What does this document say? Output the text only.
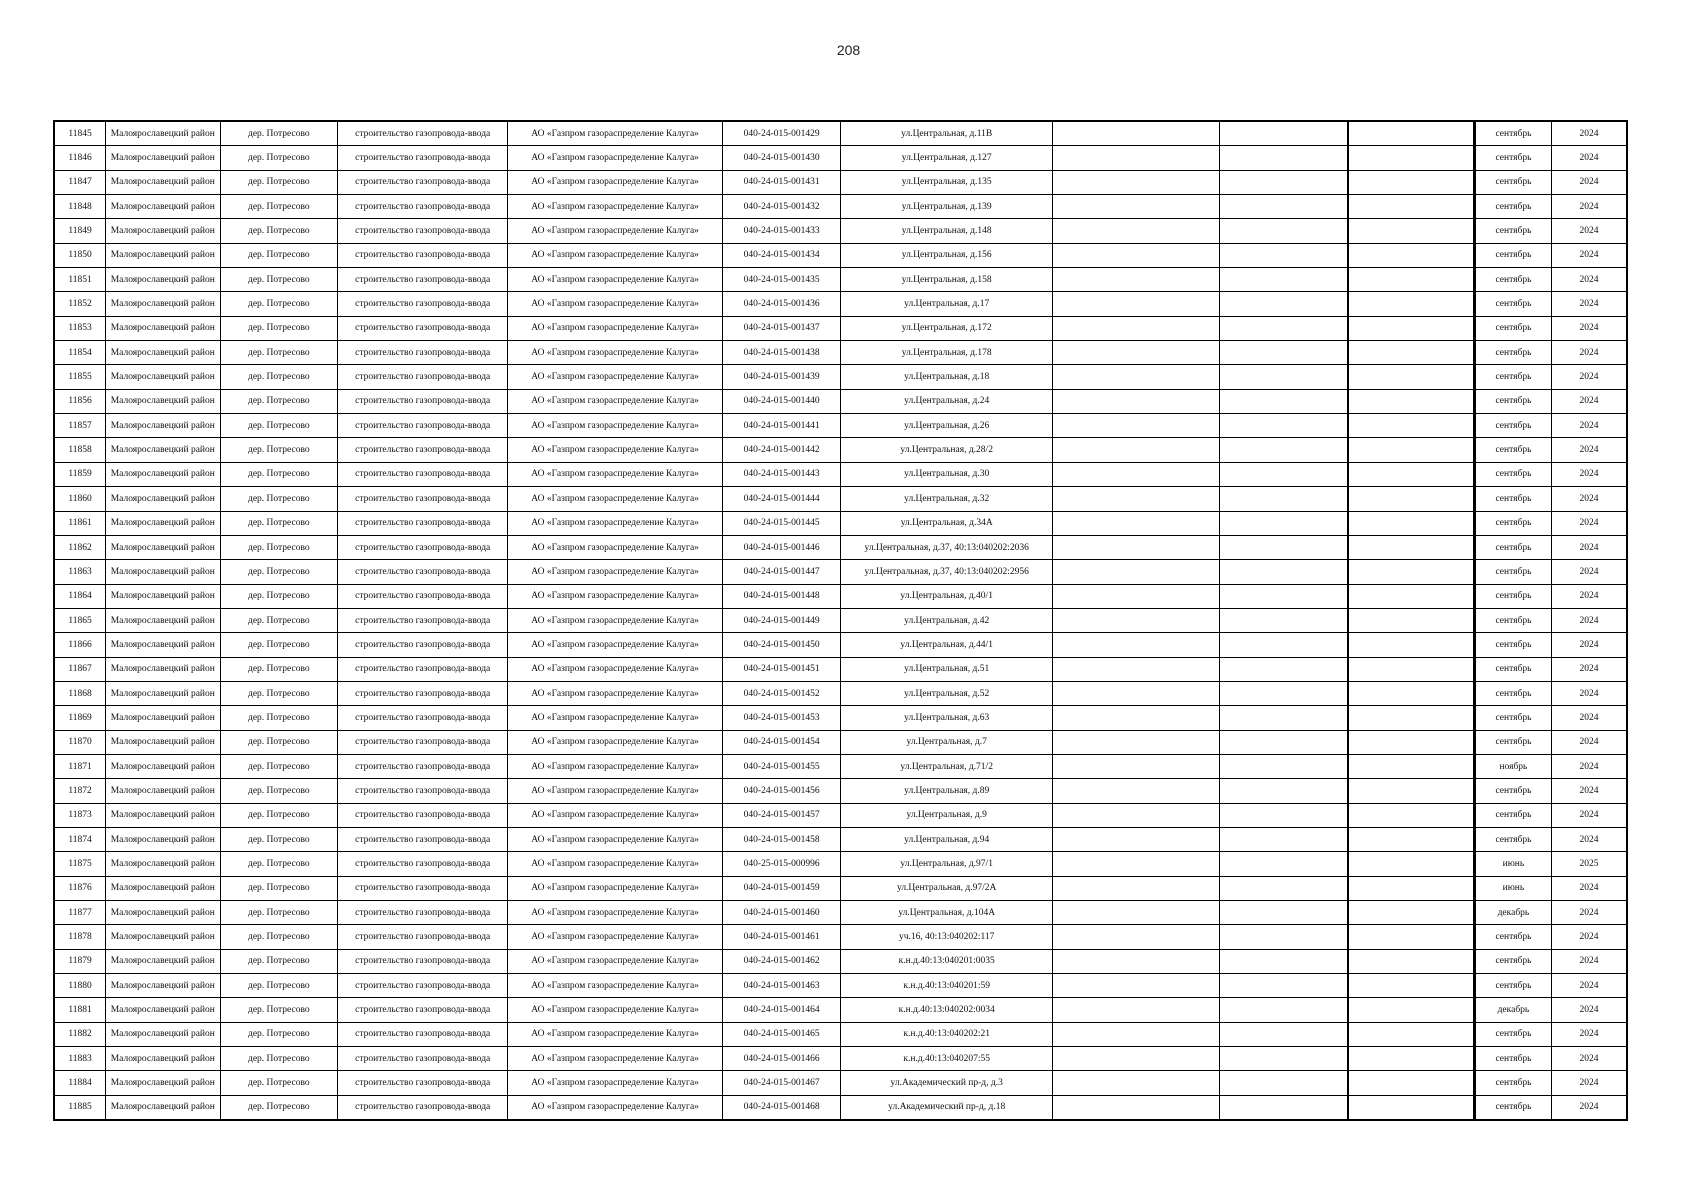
208
11845	Малоярославецкий район	дер. Потресово	строительство газопровода-ввода	АО «Газпром газораспределение Калуга»	040-24-015-001429	ул.Центральная, д.11В					сентябрь	2024
11846	Малоярославецкий район	дер. Потресово	строительство газопровода-ввода	АО «Газпром газораспределение Калуга»	040-24-015-001430	ул.Центральная, д.127					сентябрь	2024
11847	Малоярославецкий район	дер. Потресово	строительство газопровода-ввода	АО «Газпром газораспределение Калуга»	040-24-015-001431	ул.Центральная, д.135					сентябрь	2024
11848	Малоярославецкий район	дер. Потресово	строительство газопровода-ввода	АО «Газпром газораспределение Калуга»	040-24-015-001432	ул.Центральная, д.139					сентябрь	2024
11849	Малоярославецкий район	дер. Потресово	строительство газопровода-ввода	АО «Газпром газораспределение Калуга»	040-24-015-001433	ул.Центральная, д.148					сентябрь	2024
11850	Малоярославецкий район	дер. Потресово	строительство газопровода-ввода	АО «Газпром газораспределение Калуга»	040-24-015-001434	ул.Центральная, д.156					сентябрь	2024
11851	Малоярославецкий район	дер. Потресово	строительство газопровода-ввода	АО «Газпром газораспределение Калуга»	040-24-015-001435	ул.Центральная, д.158					сентябрь	2024
11852	Малоярославецкий район	дер. Потресово	строительство газопровода-ввода	АО «Газпром газораспределение Калуга»	040-24-015-001436	ул.Центральная, д.17					сентябрь	2024
11853	Малоярославецкий район	дер. Потресово	строительство газопровода-ввода	АО «Газпром газораспределение Калуга»	040-24-015-001437	ул.Центральная, д.172					сентябрь	2024
11854	Малоярославецкий район	дер. Потресово	строительство газопровода-ввода	АО «Газпром газораспределение Калуга»	040-24-015-001438	ул.Центральная, д.178					сентябрь	2024
11855	Малоярославецкий район	дер. Потресово	строительство газопровода-ввода	АО «Газпром газораспределение Калуга»	040-24-015-001439	ул.Центральная, д.18					сентябрь	2024
11856	Малоярославецкий район	дер. Потресово	строительство газопровода-ввода	АО «Газпром газораспределение Калуга»	040-24-015-001440	ул.Центральная, д.24					сентябрь	2024
11857	Малоярославецкий район	дер. Потресово	строительство газопровода-ввода	АО «Газпром газораспределение Калуга»	040-24-015-001441	ул.Центральная, д.26					сентябрь	2024
11858	Малоярославецкий район	дер. Потресово	строительство газопровода-ввода	АО «Газпром газораспределение Калуга»	040-24-015-001442	ул.Центральная, д.28/2					сентябрь	2024
11859	Малоярославецкий район	дер. Потресово	строительство газопровода-ввода	АО «Газпром газораспределение Калуга»	040-24-015-001443	ул.Центральная, д.30					сентябрь	2024
11860	Малоярославецкий район	дер. Потресово	строительство газопровода-ввода	АО «Газпром газораспределение Калуга»	040-24-015-001444	ул.Центральная, д.32					сентябрь	2024
11861	Малоярославецкий район	дер. Потресово	строительство газопровода-ввода	АО «Газпром газораспределение Калуга»	040-24-015-001445	ул.Центральная, д.34А					сентябрь	2024
11862	Малоярославецкий район	дер. Потресово	строительство газопровода-ввода	АО «Газпром газораспределение Калуга»	040-24-015-001446	ул.Центральная, д.37, 40:13:040202:2036					сентябрь	2024
11863	Малоярославецкий район	дер. Потресово	строительство газопровода-ввода	АО «Газпром газораспределение Калуга»	040-24-015-001447	ул.Центральная, д.37, 40:13:040202:2956					сентябрь	2024
11864	Малоярославецкий район	дер. Потресово	строительство газопровода-ввода	АО «Газпром газораспределение Калуга»	040-24-015-001448	ул.Центральная, д.40/1					сентябрь	2024
11865	Малоярославецкий район	дер. Потресово	строительство газопровода-ввода	АО «Газпром газораспределение Калуга»	040-24-015-001449	ул.Центральная, д.42					сентябрь	2024
11866	Малоярославецкий район	дер. Потресово	строительство газопровода-ввода	АО «Газпром газораспределение Калуга»	040-24-015-001450	ул.Центральная, д.44/1					сентябрь	2024
11867	Малоярославецкий район	дер. Потресово	строительство газопровода-ввода	АО «Газпром газораспределение Калуга»	040-24-015-001451	ул.Центральная, д.51					сентябрь	2024
11868	Малоярославецкий район	дер. Потресово	строительство газопровода-ввода	АО «Газпром газораспределение Калуга»	040-24-015-001452	ул.Центральная, д.52					сентябрь	2024
11869	Малоярославецкий район	дер. Потресово	строительство газопровода-ввода	АО «Газпром газораспределение Калуга»	040-24-015-001453	ул.Центральная, д.63					сентябрь	2024
11870	Малоярославецкий район	дер. Потресово	строительство газопровода-ввода	АО «Газпром газораспределение Калуга»	040-24-015-001454	ул.Центральная, д.7					сентябрь	2024
11871	Малоярославецкий район	дер. Потресово	строительство газопровода-ввода	АО «Газпром газораспределение Калуга»	040-24-015-001455	ул.Центральная, д.71/2					ноябрь	2024
11872	Малоярославецкий район	дер. Потресово	строительство газопровода-ввода	АО «Газпром газораспределение Калуга»	040-24-015-001456	ул.Центральная, д.89					сентябрь	2024
11873	Малоярославецкий район	дер. Потресово	строительство газопровода-ввода	АО «Газпром газораспределение Калуга»	040-24-015-001457	ул.Центральная, д.9					сентябрь	2024
11874	Малоярославецкий район	дер. Потресово	строительство газопровода-ввода	АО «Газпром газораспределение Калуга»	040-24-015-001458	ул.Центральная, д.94					сентябрь	2024
11875	Малоярославецкий район	дер. Потресово	строительство газопровода-ввода	АО «Газпром газораспределение Калуга»	040-25-015-000996	ул.Центральная, д.97/1					июнь	2025
11876	Малоярославецкий район	дер. Потресово	строительство газопровода-ввода	АО «Газпром газораспределение Калуга»	040-24-015-001459	ул.Центральная, д.97/2А					июнь	2024
11877	Малоярославецкий район	дер. Потресово	строительство газопровода-ввода	АО «Газпром газораспределение Калуга»	040-24-015-001460	ул.Центральная, д.104А					декабрь	2024
11878	Малоярославецкий район	дер. Потресово	строительство газопровода-ввода	АО «Газпром газораспределение Калуга»	040-24-015-001461	уч.16, 40:13:040202:117					сентябрь	2024
11879	Малоярославецкий район	дер. Потресово	строительство газопровода-ввода	АО «Газпром газораспределение Калуга»	040-24-015-001462	к.н.д.40:13:040201:0035					сентябрь	2024
11880	Малоярославецкий район	дер. Потресово	строительство газопровода-ввода	АО «Газпром газораспределение Калуга»	040-24-015-001463	к.н.д.40:13:040201:59					сентябрь	2024
11881	Малоярославецкий район	дер. Потресово	строительство газопровода-ввода	АО «Газпром газораспределение Калуга»	040-24-015-001464	к.н.д.40:13:040202:0034					декабрь	2024
11882	Малоярославецкий район	дер. Потресово	строительство газопровода-ввода	АО «Газпром газораспределение Калуга»	040-24-015-001465	к.н.д.40:13:040202:21					сентябрь	2024
11883	Малоярославецкий район	дер. Потресово	строительство газопровода-ввода	АО «Газпром газораспределение Калуга»	040-24-015-001466	к.н.д.40:13:040207:55					сентябрь	2024
11884	Малоярославецкий район	дер. Потресово	строительство газопровода-ввода	АО «Газпром газораспределение Калуга»	040-24-015-001467	ул.Академический пр-д, д.3					сентябрь	2024
11885	Малоярославецкий район	дер. Потресово	строительство газопровода-ввода	АО «Газпром газораспределение Калуга»	040-24-015-001468	ул.Академический пр-д, д.18					сентябрь	2024
